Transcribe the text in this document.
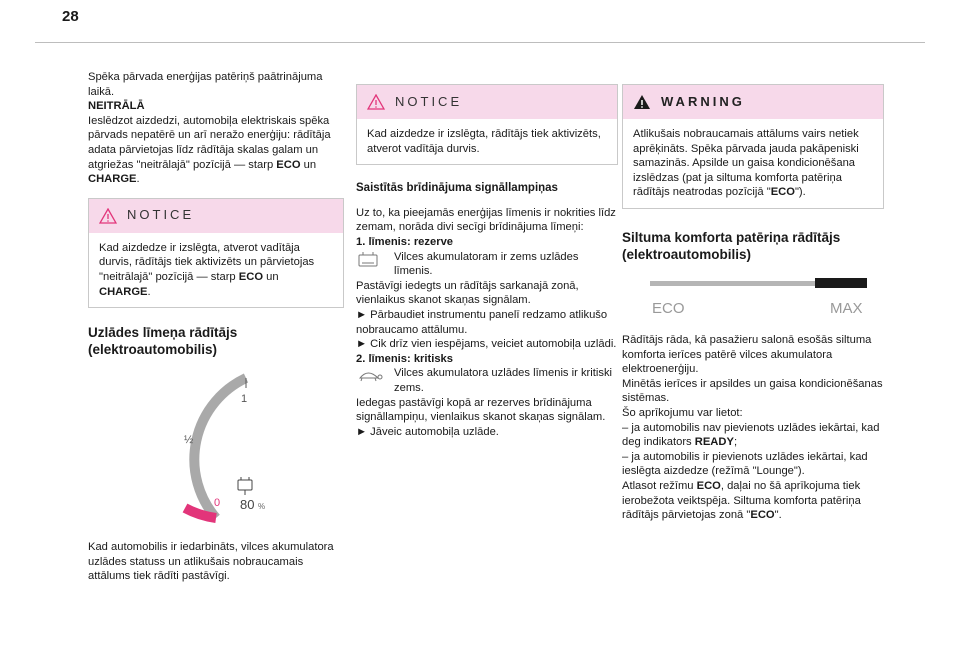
28

Spēka pārvada enerģijas patēriņš paātrinājuma laikā.

NEITRĀLĀ

Ieslēdzot aizdedzi, automobiļa elektriskais spēka pārvads nepatērē un arī neražo enerģiju: rādītāja adata pārvietojas līdz rādītāja skalas galam un atgriežas "neitrālajā" pozīcijā — starp ECO un CHARGE.

NOTICE

Kad aizdedze ir izslēgta, atverot vadītāja durvis, rādītājs tiek aktivizēts un pārvietojas "neitrālajā" pozīcijā — starp ECO un CHARGE.

Uzlādes līmeņa rādītājs (elektroautomobilis)
1
½
0 80 %

Kad automobilis ir iedarbināts, vilces akumulatora uzlādes statuss un atlikušais nobraucamais attālums tiek rādīti pastāvīgi.

NOTICE

Kad aizdedze ir izslēgta, rādītājs tiek aktivizēts, atverot vadītāja durvis.

Saistītās brīdinājuma signāllampiņas

Uz to, ka pieejamās enerģijas līmenis ir nokrities līdz zemam, norāda divi secīgi brīdinājuma līmeņi:

1. līmenis: rezerve

Vilces akumulatoram ir zems uzlādes līmenis.

Pastāvīgi iedegts un rādītājs sarkanajā zonā, vienlaikus skanot skaņas signālam.

► Pārbaudiet instrumentu panelī redzamo atlikušo nobraucamo attālumu.

► Cik drīz vien iespējams, veiciet automobiļa uzlādi.

2. līmenis: kritisks

Vilces akumulatora uzlādes līmenis ir kritiski zems.

Iedegas pastāvīgi kopā ar rezerves brīdinājuma signāllampiņu, vienlaikus skanot skaņas signālam.

► Jāveic automobiļa uzlāde.

WARNING

Atlikušais nobraucamais attālums vairs netiek aprēķināts. Spēka pārvada jauda pakāpeniski samazinās. Apsilde un gaisa kondicionēšana izslēdzas (pat ja siltuma komforta patēriņa rādītājs neatrodas pozīcijā "ECO").

Siltuma komforta patēriņa rādītājs (elektroautomobilis)
ECO	MAX

Rādītājs rāda, kā pasažieru salonā esošās siltuma komforta ierīces patērē vilces akumulatora elektroenerģiju.

Minētās ierīces ir apsildes un gaisa kondicionēšanas sistēmas.

Šo aprīkojumu var lietot:

– ja automobilis nav pievienots uzlādes iekārtai, kad deg indikators READY;

– ja automobilis ir pievienots uzlādes iekārtai, kad ieslēgta aizdedze (režīmā "Lounge").

Atlasot režīmu ECO, daļai no šā aprīkojuma tiek ierobežota veiktspēja. Siltuma komforta patēriņa rādītājs pārvietojas zonā "ECO".
